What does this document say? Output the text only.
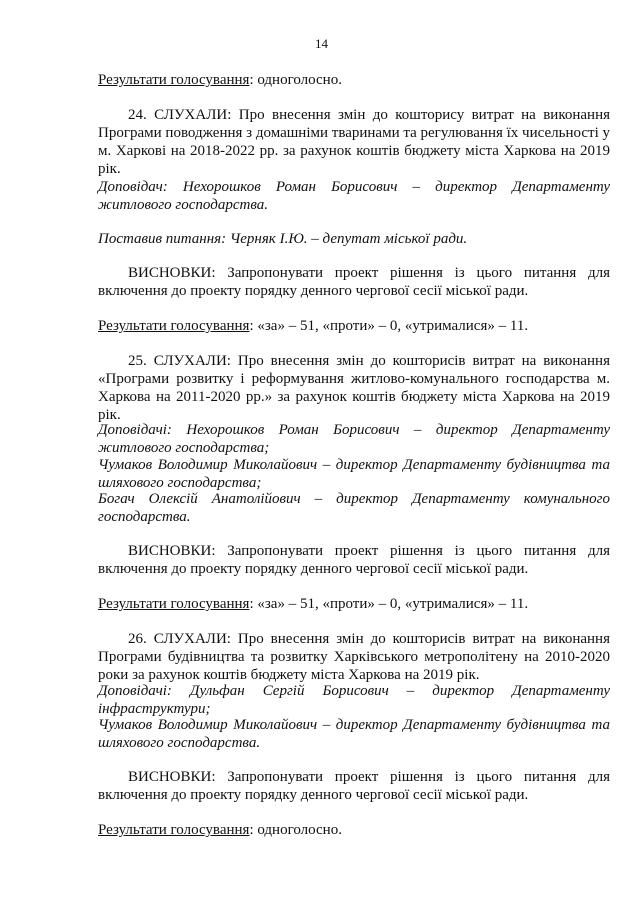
14

Результати голосування: одноголосно.

24. СЛУХАЛИ: Про внесення змін до кошторису витрат на виконання Програми поводження з домашніми тваринами та регулювання їх чисельності у м. Харкові на 2018-2022 рр. за рахунок коштів бюджету міста Харкова на 2019 рік.

Доповідач: Нехорошков Роман Борисович – директор Департаменту житлового господарства.

Поставив питання: Черняк І.Ю. – депутат міської ради.

ВИСНОВКИ: Запропонувати проект рішення із цього питання для включення до проекту порядку денного чергової сесії міської ради.

Результати голосування: «за» – 51, «проти» – 0, «утрималися» – 11.

25. СЛУХАЛИ: Про внесення змін до кошторисів витрат на виконання «Програми розвитку і реформування житлово-комунального господарства м. Харкова на 2011-2020 рр.» за рахунок коштів бюджету міста Харкова на 2019 рік.

Доповідачі: Нехорошков Роман Борисович – директор Департаменту житлового господарства;

Чумаков Володимир Миколайович – директор Департаменту будівництва та шляхового господарства;

Богач Олексій Анатолійович – директор Департаменту комунального господарства.

ВИСНОВКИ: Запропонувати проект рішення із цього питання для включення до проекту порядку денного чергової сесії міської ради.

Результати голосування: «за» – 51, «проти» – 0, «утрималися» – 11.

26. СЛУХАЛИ: Про внесення змін до кошторисів витрат на виконання Програми будівництва та розвитку Харківського метрополітену на 2010-2020 роки за рахунок коштів бюджету міста Харкова на 2019 рік.

Доповідачі: Дульфан Сергій Борисович – директор Департаменту інфраструктури;

Чумаков Володимир Миколайович – директор Департаменту будівництва та шляхового господарства.

ВИСНОВКИ: Запропонувати проект рішення із цього питання для включення до проекту порядку денного чергової сесії міської ради.

Результати голосування: одноголосно.
